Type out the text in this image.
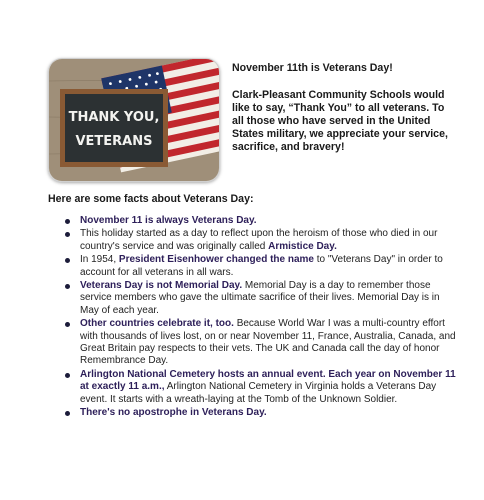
THANK YOU,
VETERANS

November 11th is Veterans Day!

Clark-Pleasant Community Schools would like to say, “Thank You” to all veterans. To all those who have served in the United States military, we appreciate your service, sacrifice, and bravery!

Here are some facts about Veterans Day:
November 11 is always Veterans Day.
This holiday started as a day to reflect upon the heroism of those who died in our country's service and was originally called Armistice Day.
In 1954, President Eisenhower changed the name to "Veterans Day" in order to account for all veterans in all wars.
Veterans Day is not Memorial Day. Memorial Day is a day to remember those service members who gave the ultimate sacrifice of their lives. Memorial Day is in May of each year.
Other countries celebrate it, too. Because World War I was a multi-country effort with thousands of lives lost, on or near November 11, France, Australia, Canada, and Great Britain pay respects to their vets. The UK and Canada call the day of honor Remembrance Day.
Arlington National Cemetery hosts an annual event. Each year on November 11 at exactly 11 a.m., Arlington National Cemetery in Virginia holds a Veterans Day event. It starts with a wreath-laying at the Tomb of the Unknown Soldier.
There's no apostrophe in Veterans Day.
